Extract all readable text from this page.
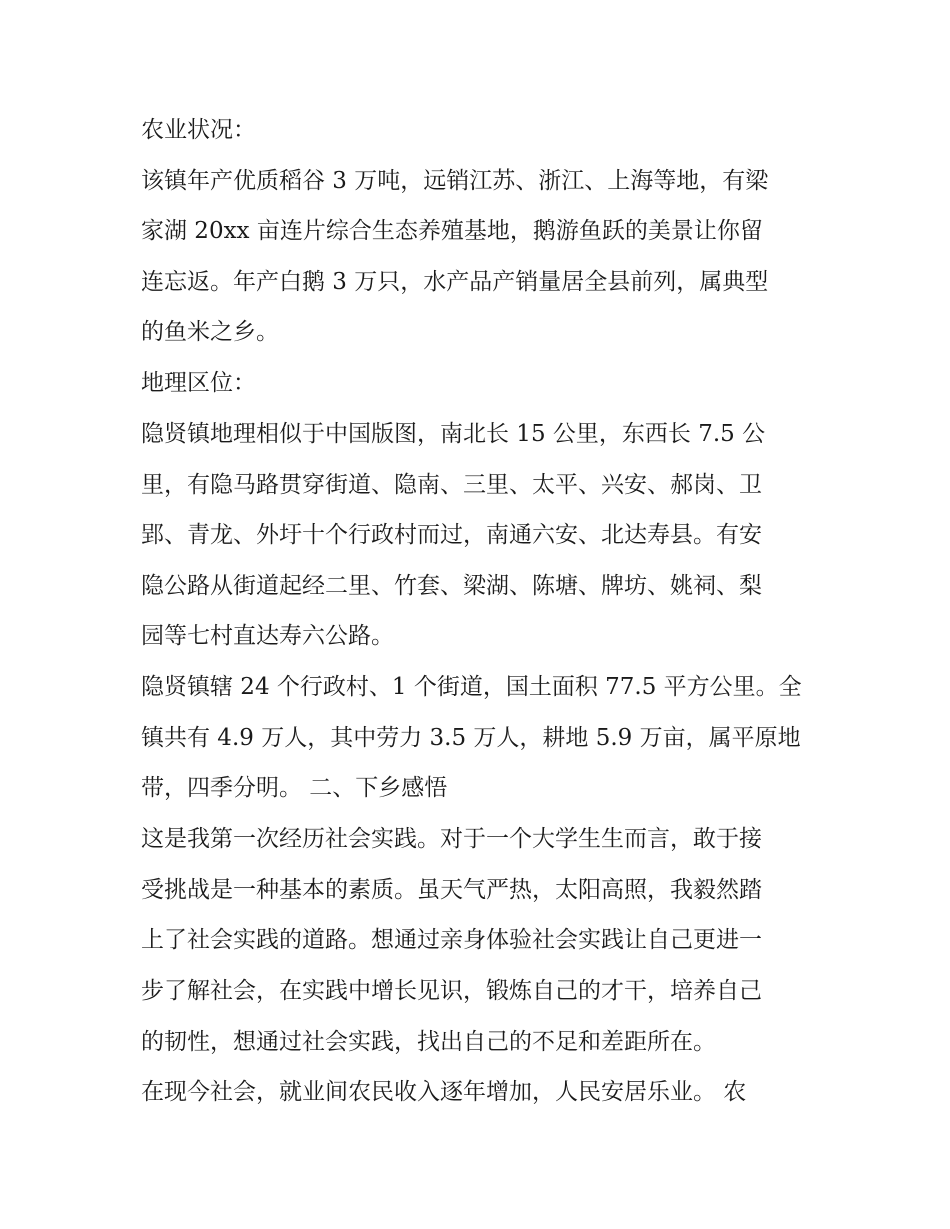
农业状况：
该镇年产优质稻谷 3 万吨，远销江苏、浙江、上海等地，有梁
家湖 20xx 亩连片综合生态养殖基地，鹅游鱼跃的美景让你留
连忘返。年产白鹅 3 万只，水产品产销量居全县前列，属典型
的鱼米之乡。
地理区位：
隐贤镇地理相似于中国版图，南北长 15 公里，东西长 7.5 公
里，有隐马路贯穿街道、隐南、三里、太平、兴安、郝岗、卫
郢、青龙、外圩十个行政村而过，南通六安、北达寿县。有安
隐公路从街道起经二里、竹套、梁湖、陈塘、牌坊、姚祠、梨
园等七村直达寿六公路。
隐贤镇辖 24 个行政村、1 个街道，国土面积 77.5 平方公里。全
镇共有 4.9 万人，其中劳力 3.5 万人，耕地 5.9 万亩，属平原地
带，四季分明。 二、下乡感悟
这是我第一次经历社会实践。对于一个大学生生而言，敢于接
受挑战是一种基本的素质。虽天气严热，太阳高照，我毅然踏
上了社会实践的道路。想通过亲身体验社会实践让自己更进一
步了解社会，在实践中增长见识，锻炼自己的才干，培养自己
的韧性，想通过社会实践，找出自己的不足和差距所在。
在现今社会，就业间农民收入逐年增加，人民安居乐业。 农
